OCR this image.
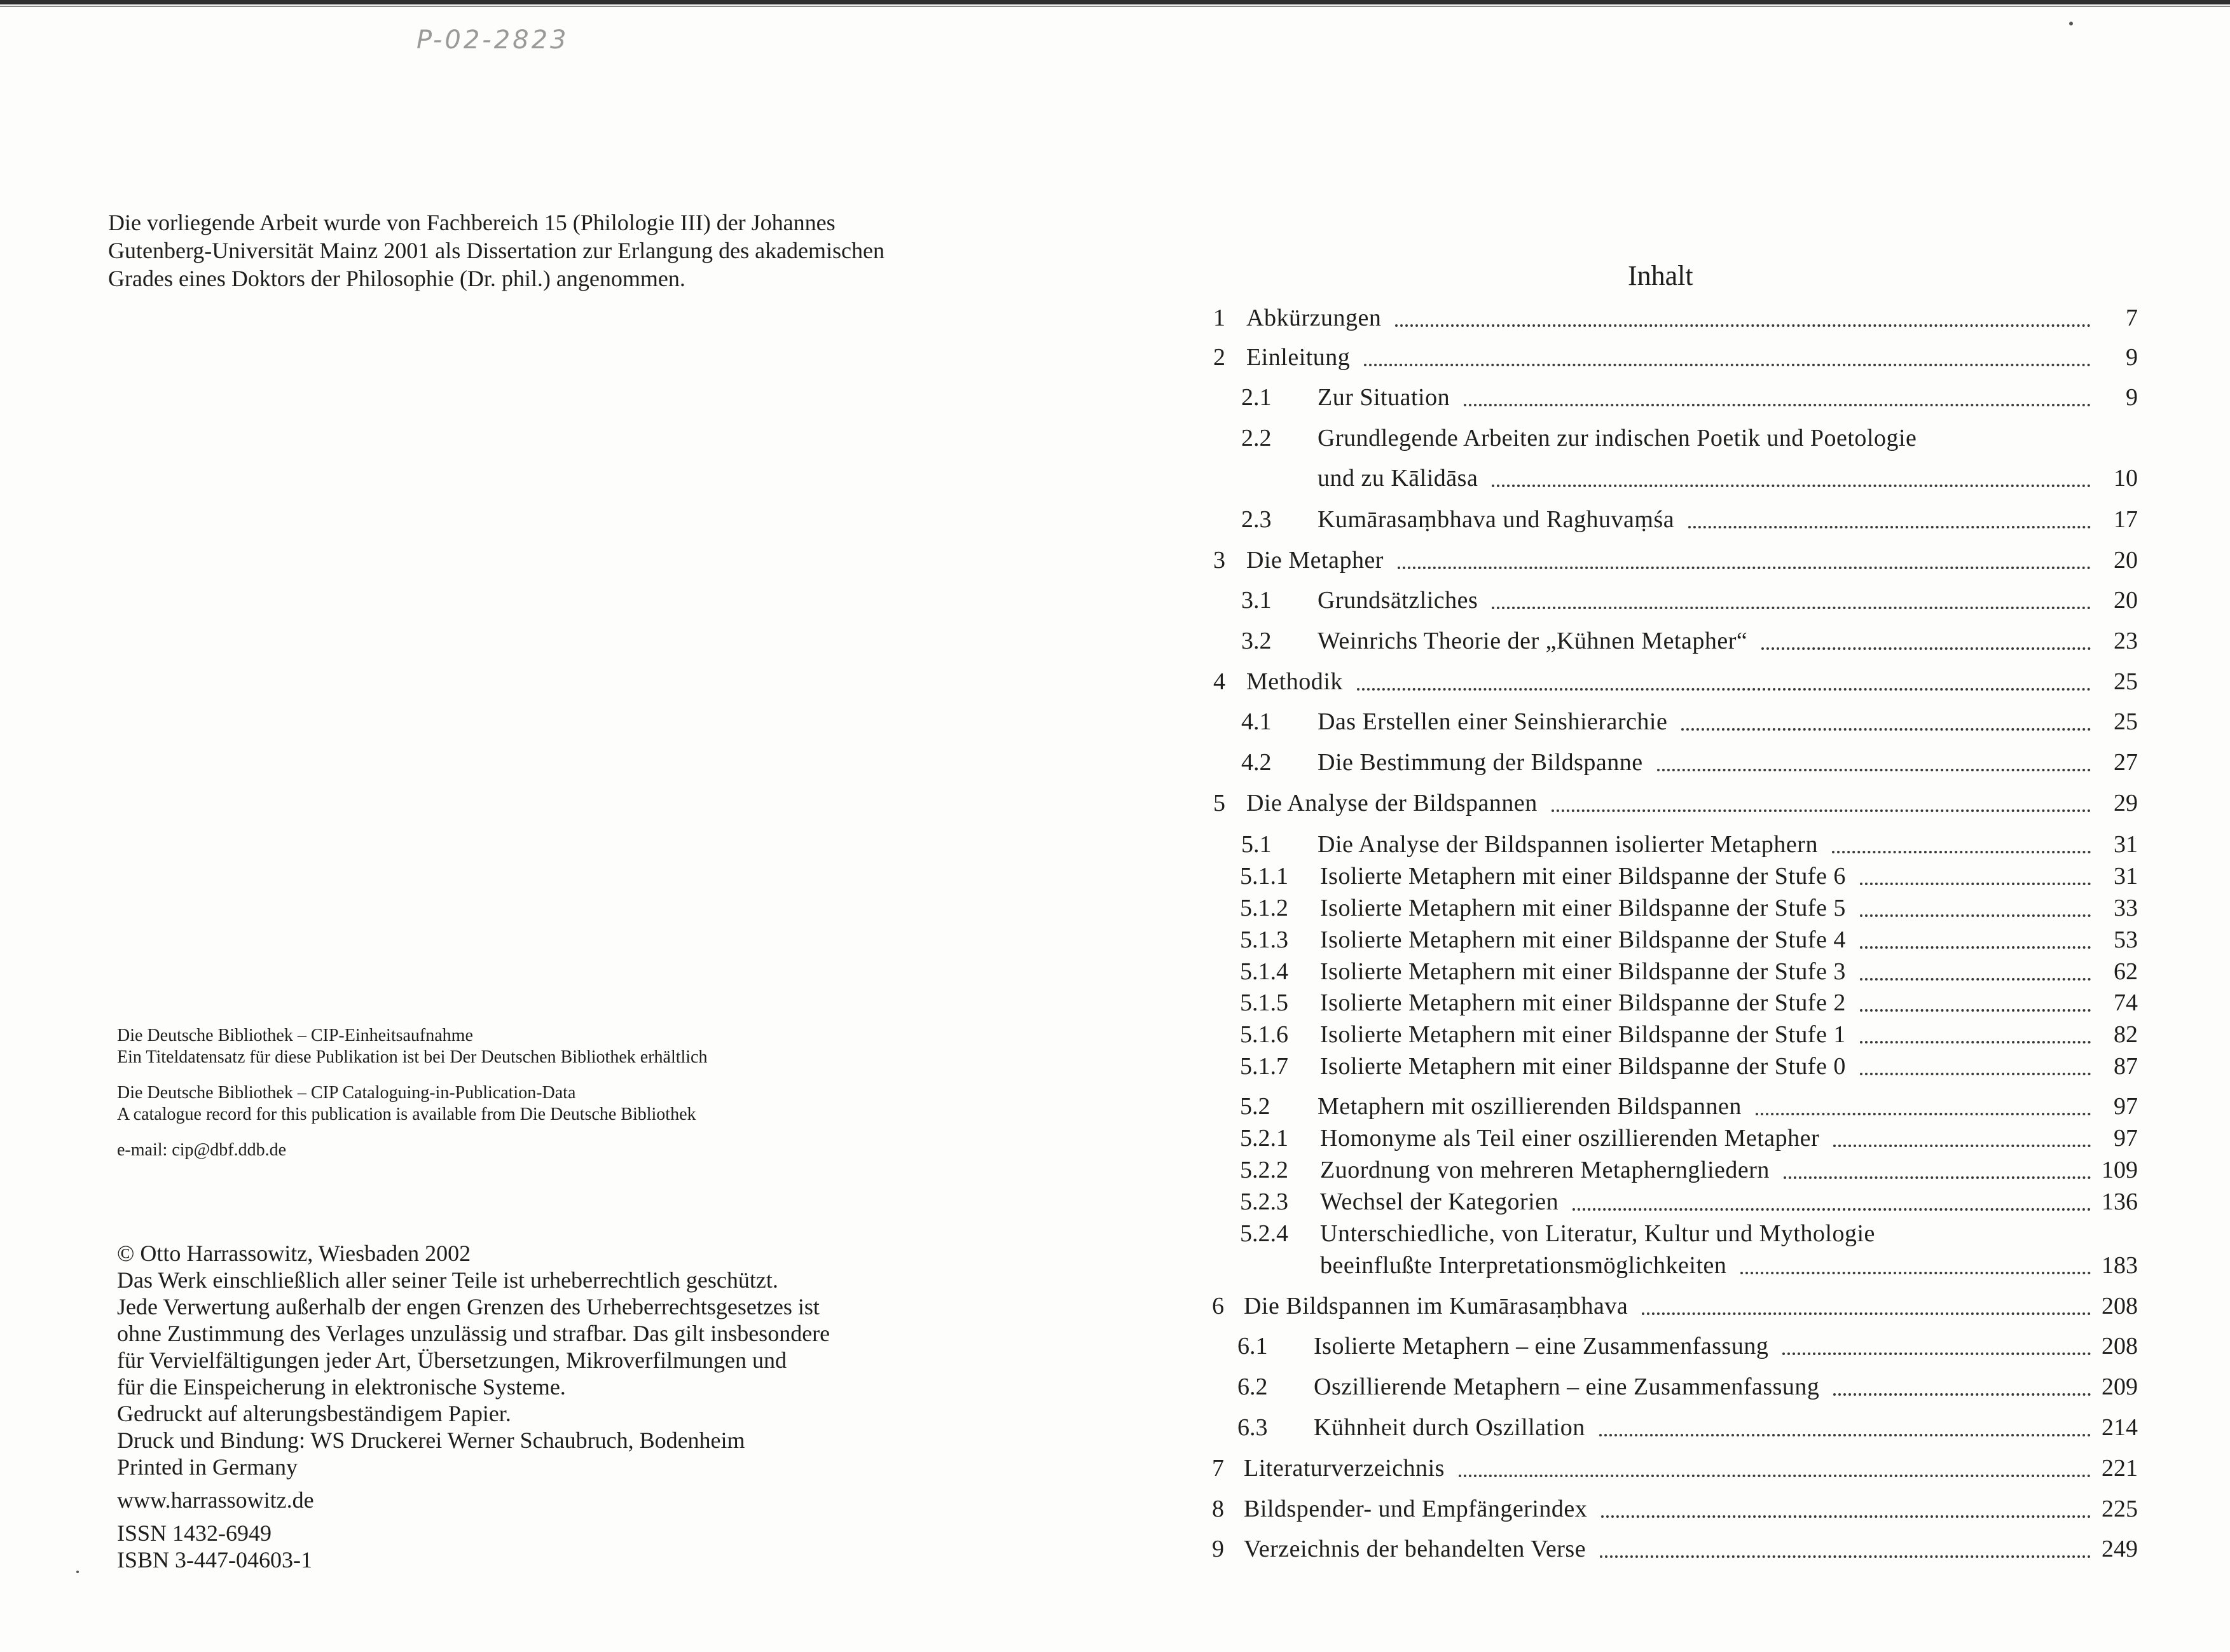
P-02-2823
Die vorliegende Arbeit wurde von Fachbereich 15 (Philologie III) der Johannes
Gutenberg-Universität Mainz 2001 als Dissertation zur Erlangung des akademischen
Grades eines Doktors der Philosophie (Dr. phil.) angenommen.
Die Deutsche Bibliothek – CIP-Einheitsaufnahme
Ein Titeldatensatz für diese Publikation ist bei Der Deutschen Bibliothek erhältlich
Die Deutsche Bibliothek – CIP Cataloguing-in-Publication-Data
A catalogue record for this publication is available from Die Deutsche Bibliothek
e-mail: cip@dbf.ddb.de
© Otto Harrassowitz, Wiesbaden 2002
Das Werk einschließlich aller seiner Teile ist urheberrechtlich geschützt.
Jede Verwertung außerhalb der engen Grenzen des Urheberrechtsgesetzes ist
ohne Zustimmung des Verlages unzulässig und strafbar. Das gilt insbesondere
für Vervielfältigungen jeder Art, Übersetzungen, Mikroverfilmungen und
für die Einspeicherung in elektronische Systeme.
Gedruckt auf alterungsbeständigem Papier.
Druck und Bindung: WS Druckerei Werner Schaubruch, Bodenheim
Printed in Germany
www.harrassowitz.de
ISSN 1432-6949
ISBN 3-447-04603-1
Inhalt
1 Abkürzungen	7
2 Einleitung	9
2.1	Zur Situation	9
2.2	Grundlegende Arbeiten zur indischen Poetik und Poetologie
und zu Kālidāsa	10
2.3	Kumārasaṃbhava und Raghuvaṃśa	17
3 Die Metapher	20
3.1	Grundsätzliches	20
3.2	Weinrichs Theorie der „Kühnen Metapher“	23
4 Methodik	25
4.1	Das Erstellen einer Seinshierarchie	25
4.2	Die Bestimmung der Bildspanne	27
5 Die Analyse der Bildspannen	29
5.1	Die Analyse der Bildspannen isolierter Metaphern	31
5.1.1	Isolierte Metaphern mit einer Bildspanne der Stufe 6	31
5.1.2	Isolierte Metaphern mit einer Bildspanne der Stufe 5	33
5.1.3	Isolierte Metaphern mit einer Bildspanne der Stufe 4	53
5.1.4	Isolierte Metaphern mit einer Bildspanne der Stufe 3	62
5.1.5	Isolierte Metaphern mit einer Bildspanne der Stufe 2	74
5.1.6	Isolierte Metaphern mit einer Bildspanne der Stufe 1	82
5.1.7	Isolierte Metaphern mit einer Bildspanne der Stufe 0	87
5.2	Metaphern mit oszillierenden Bildspannen	97
5.2.1	Homonyme als Teil einer oszillierenden Metapher	97
5.2.2	Zuordnung von mehreren Metapherngliedern	109
5.2.3	Wechsel der Kategorien	136
5.2.4	Unterschiedliche, von Literatur, Kultur und Mythologie
beeinflußte Interpretationsmöglichkeiten	183
6 Die Bildspannen im Kumārasaṃbhava	208
6.1	Isolierte Metaphern – eine Zusammenfassung	208
6.2	Oszillierende Metaphern – eine Zusammenfassung	209
6.3	Kühnheit durch Oszillation	214
7 Literaturverzeichnis	221
8 Bildspender- und Empfängerindex	225
9 Verzeichnis der behandelten Verse	249
